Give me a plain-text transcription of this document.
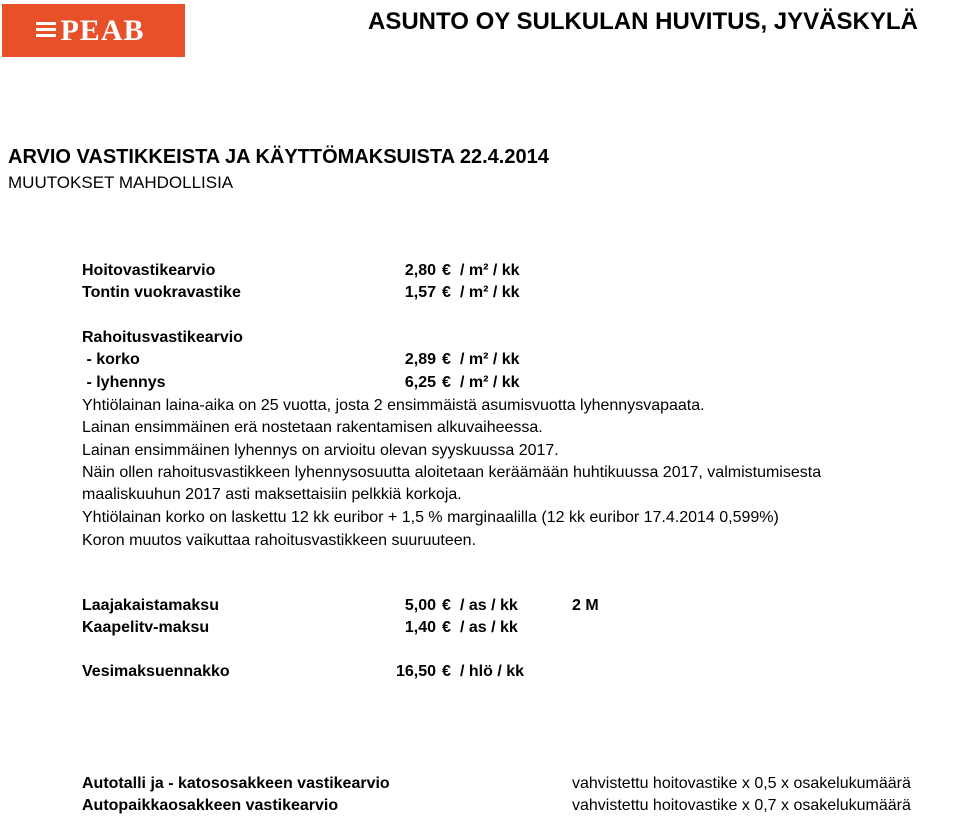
PEAB	ASUNTO OY SULKULAN HUVITUS, JYVÄSKYLÄ
ARVIO VASTIKKEISTA JA KÄYTTÖMAKSUISTA 22.4.2014
MUUTOKSET MAHDOLLISIA
Hoitovastikearvio	2,80 € / m² / kk
Tontin vuokravastike	1,57 € / m² / kk
Rahoitusvastikearvio
- korko	2,89 € / m² / kk
- lyhennys	6,25 € / m² / kk
Yhtiölainan laina-aika on 25 vuotta, josta 2 ensimmäistä asumisvuotta lyhennysvapaata.
Lainan ensimmäinen erä nostetaan rakentamisen alkuvaiheessa.
Lainan ensimmäinen lyhennys on arvioitu olevan syyskuussa 2017.
Näin ollen rahoitusvastikkeen lyhennysosuutta aloitetaan keräämään huhtikuussa 2017, valmistumisesta
maaliskuuhun 2017 asti maksettaisiin pelkkiä korkoja.
Yhtiölainan korko on laskettu 12 kk euribor + 1,5 % marginaalilla (12 kk euribor 17.4.2014 0,599%)
Koron muutos vaikuttaa rahoitusvastikkeen suuruuteen.
Laajakaistamaksu	5,00 € / as / kk	2 M
Kaapelitv-maksu	1,40 € / as / kk
Vesimaksuennakko	16,50 € / hlö / kk
Autotalli ja - katososakkeen vastikearvio	vahvistettu hoitovastike x 0,5 x osakelukumäärä
Autopaikkaosakkeen vastikearvio	vahvistettu hoitovastike x 0,7 x osakelukumäärä
